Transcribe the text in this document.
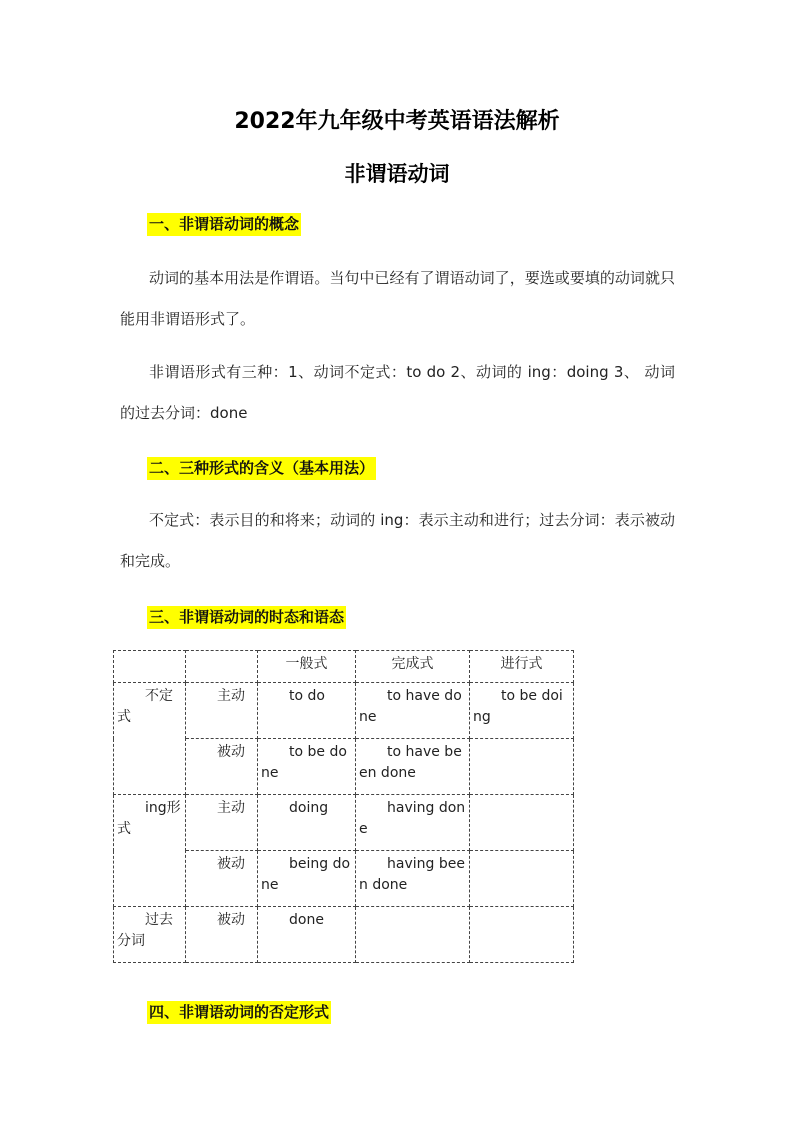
2022年九年级中考英语语法解析
非谓语动词
一、非谓语动词的概念
动词的基本用法是作谓语。当句中已经有了谓语动词了，要选或要填的动词就只能用非谓语形式了。
非谓语形式有三种：1、动词不定式：to do 2、动词的 ing：doing 3、 动词的过去分词：done
二、三种形式的含义（基本用法）
不定式：表示目的和将来；动词的 ing：表示主动和进行；过去分词：表示被动和完成。
三、非谓语动词的时态和语态
		一般式	完成式	进行式
不定式	主动	to do	to have done	to be doing
	被动	to be done	to have been done	
ing形式	主动	doing	having done	
	被动	being done	having been done	
过去分词	被动	done		
四、非谓语动词的否定形式
